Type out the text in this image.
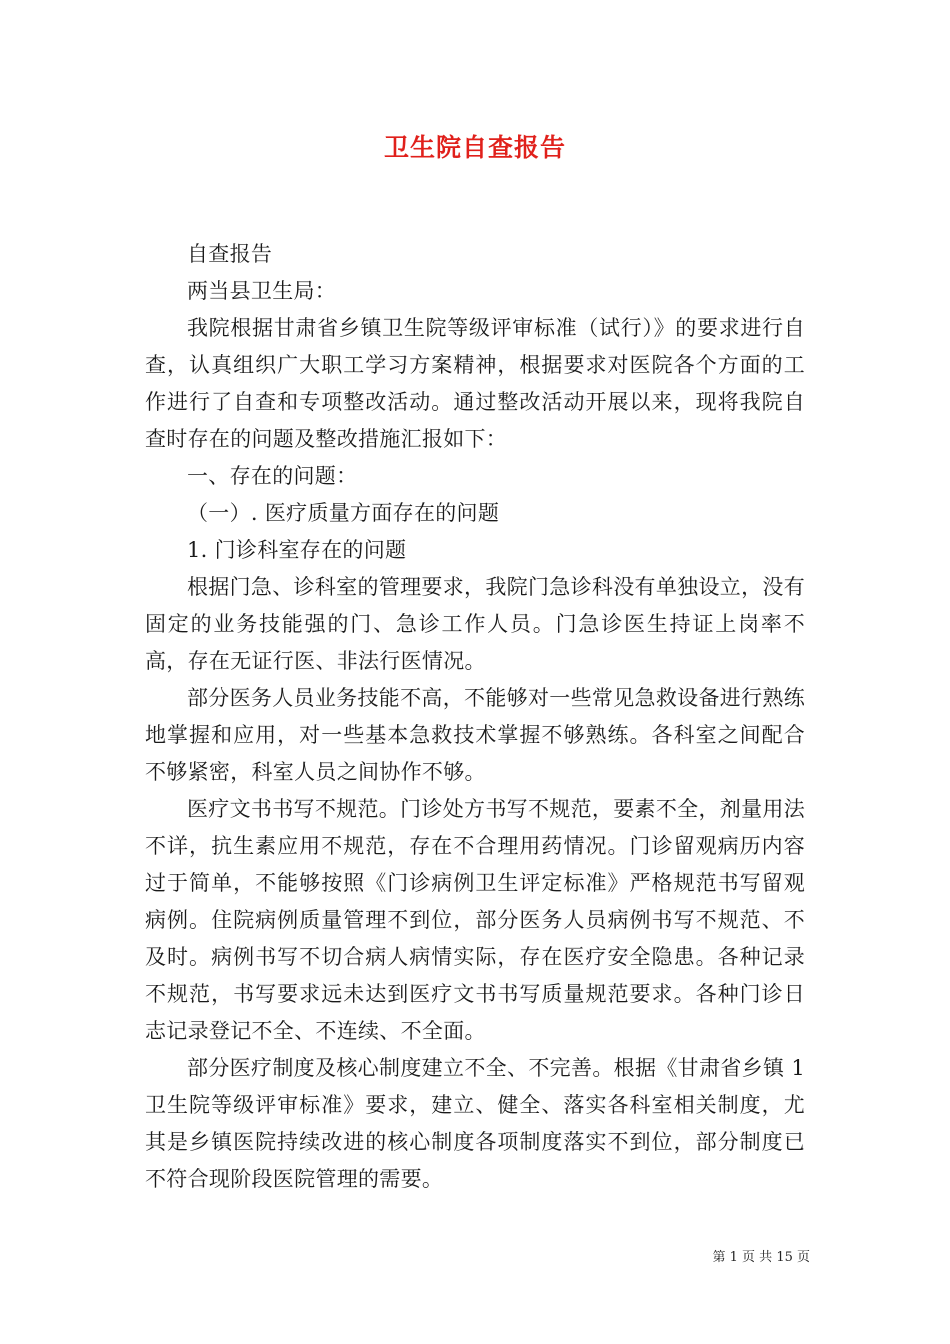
卫生院自查报告

自查报告

两当县卫生局：

我院根据甘肃省乡镇卫生院等级评审标准（试行）》的要求进行自查，认真组织广大职工学习方案精神，根据要求对医院各个方面的工作进行了自查和专项整改活动。通过整改活动开展以来，现将我院自查时存在的问题及整改措施汇报如下：

一、存在的问题：

（一）. 医疗质量方面存在的问题

1. 门诊科室存在的问题

根据门急、诊科室的管理要求，我院门急诊科没有单独设立，没有固定的业务技能强的门、急诊工作人员。门急诊医生持证上岗率不高，存在无证行医、非法行医情况。

部分医务人员业务技能不高，不能够对一些常见急救设备进行熟练地掌握和应用，对一些基本急救技术掌握不够熟练。各科室之间配合不够紧密，科室人员之间协作不够。

医疗文书书写不规范。门诊处方书写不规范，要素不全，剂量用法不详，抗生素应用不规范，存在不合理用药情况。门诊留观病历内容过于简单，不能够按照《门诊病例卫生评定标准》严格规范书写留观病例。住院病例质量管理不到位，部分医务人员病例书写不规范、不及时。病例书写不切合病人病情实际，存在医疗安全隐患。各种记录不规范，书写要求远未达到医疗文书书写质量规范要求。各种门诊日志记录登记不全、不连续、不全面。

部分医疗制度及核心制度建立不全、不完善。根据《甘肃省乡镇 1 卫生院等级评审标准》要求，建立、健全、落实各科室相关制度，尤其是乡镇医院持续改进的核心制度各项制度落实不到位，部分制度已不符合现阶段医院管理的需要。

第 1 页 共 15 页
